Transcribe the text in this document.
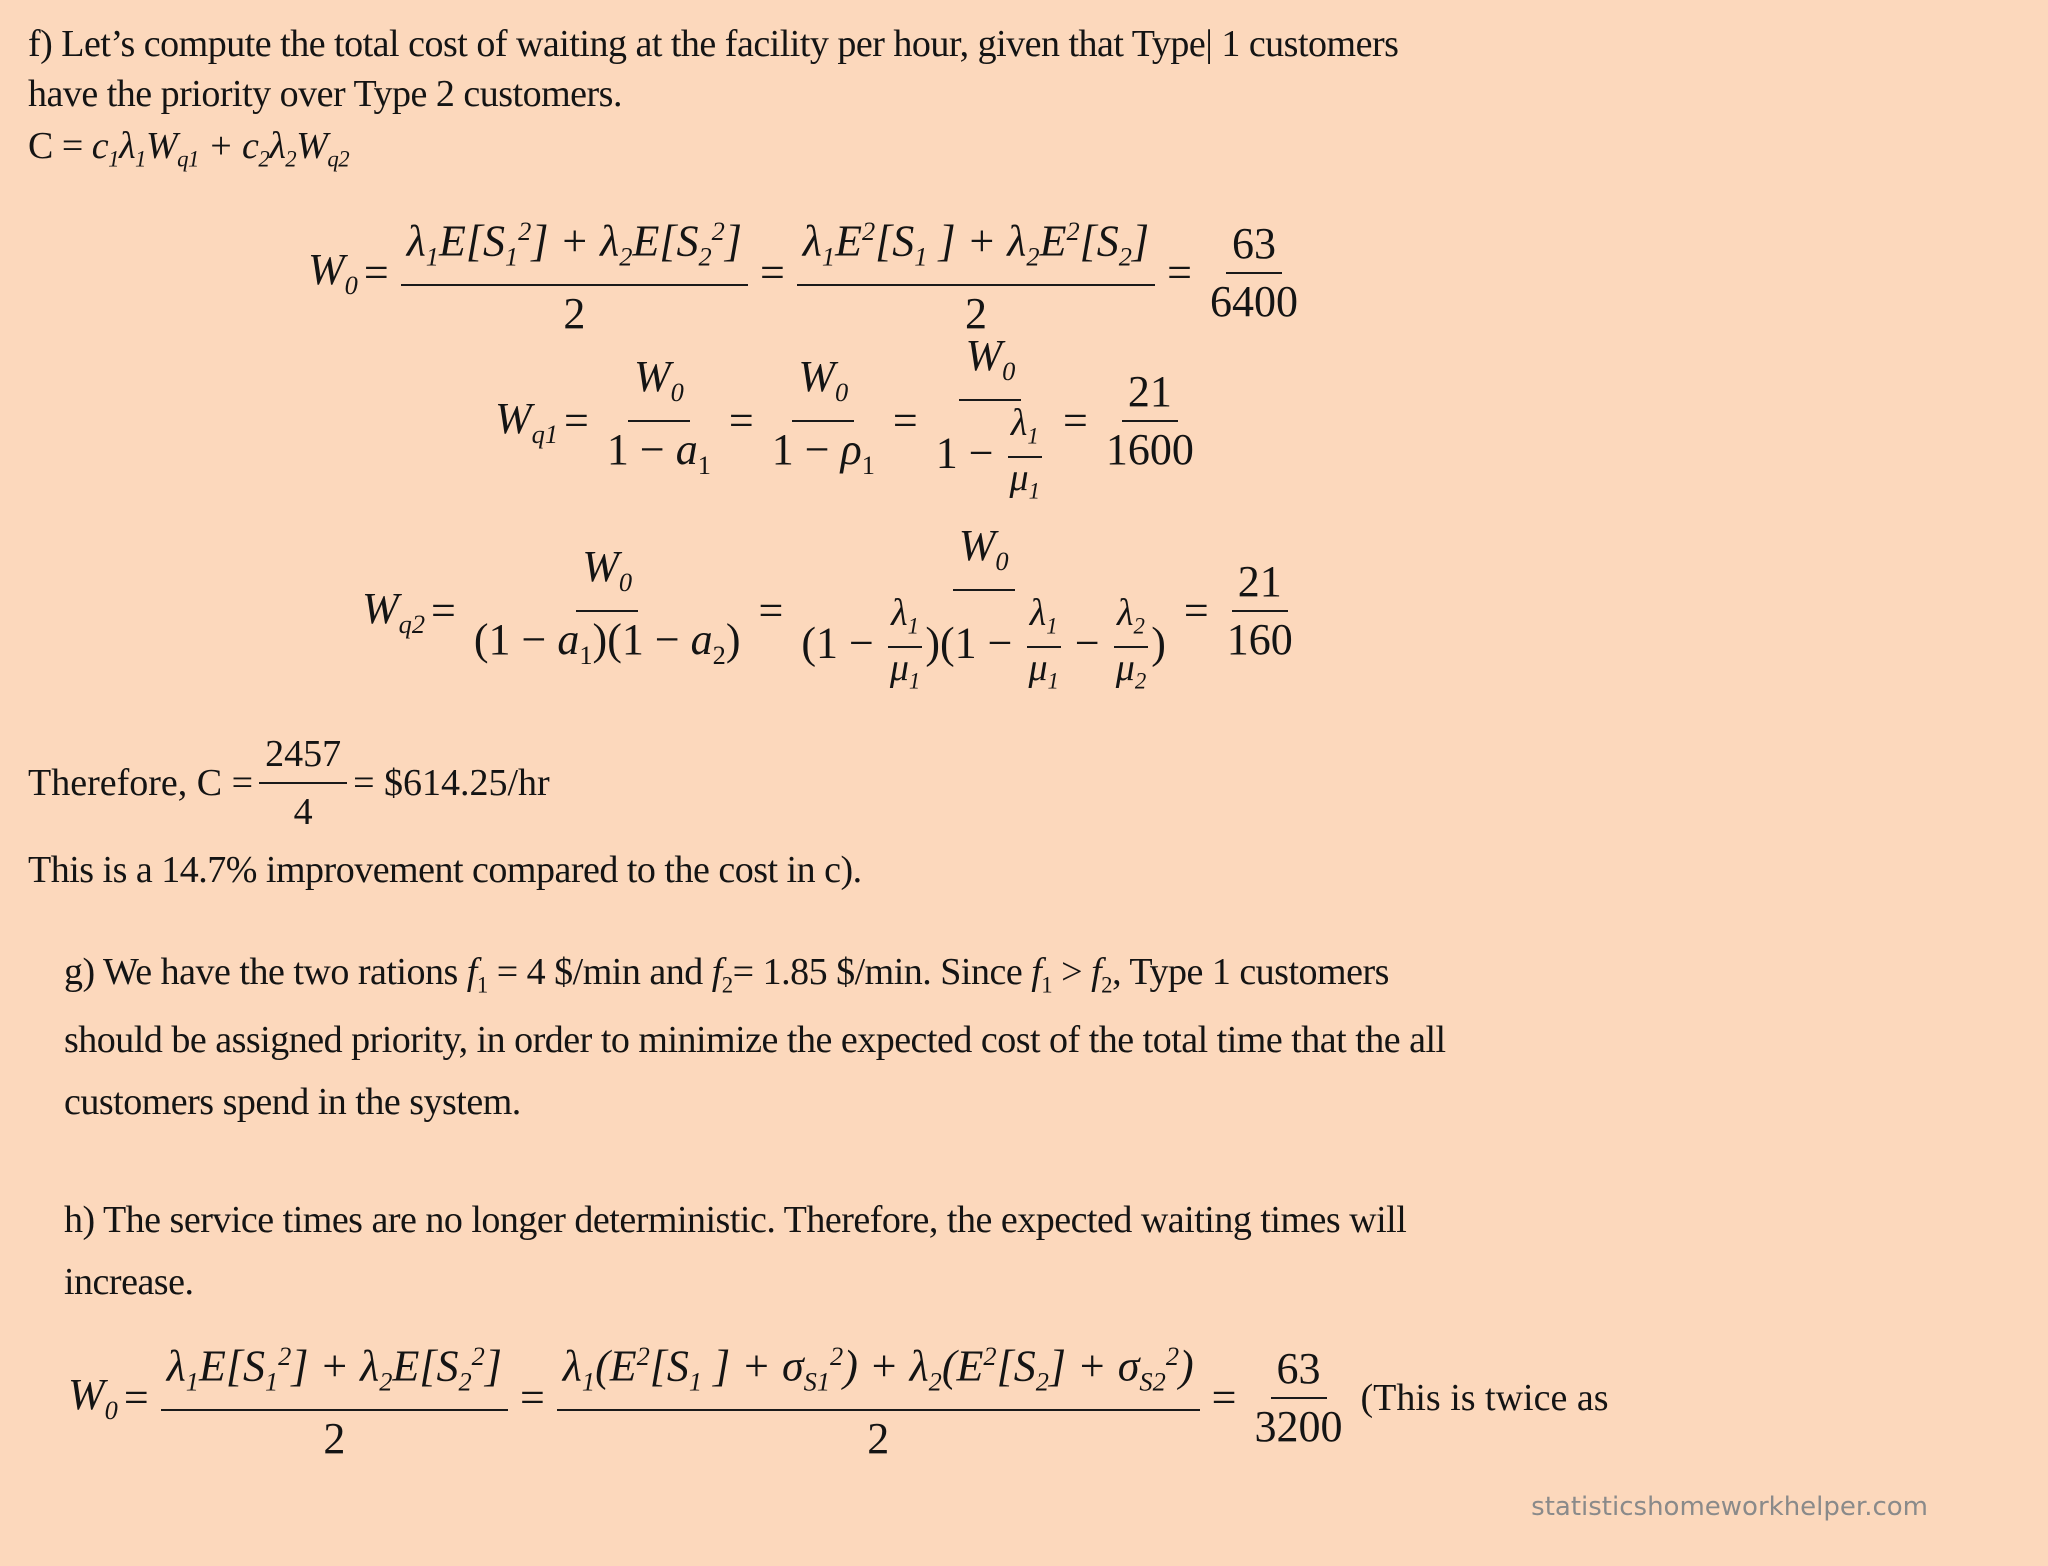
f) Let’s compute the total cost of waiting at the facility per hour, given that Type| 1 customers
have the priority over Type 2 customers.
$C = c_1\lambda_1W_{q1} + c_2\lambda_2W_{q2}$
$W_0 = \frac{\lambda_1E[S_1^2] + \lambda_2E[S_2^2]}{2} = \frac{\lambda_1E^2[S_1 ] + \lambda_2E^2[S_2]}{2} = \frac{63}{6400}$
$W_{q1} = \frac{W_0}{1 - a_1} = \frac{W_0}{1 - \rho_1} = \frac{W_0}{1 - \frac{\lambda_1}{\mu_1}} = \frac{21}{1600}$
$W_{q2} = \frac{W_0}{(1 - a_1)(1 - a_2)} = \frac{W_0}{(1 - \frac{\lambda_1}{\mu_1} )(1 - \frac{\lambda_1}{\mu_1} - \frac{\lambda_2}{\mu_2} )} = \frac{21}{160}$
Therefore, $C = \frac{2457}{4}$ = $614.25/hr
This is a 14.7% improvement compared to the cost in c).
g) We have the two rations $f_1 = 4$ $/min and $f_2= 1.85$ $/min. Since $f_1 > f_2$, Type 1 customers
should be assigned priority, in order to minimize the expected cost of the total time that the all
customers spend in the system.
h) The service times are no longer deterministic. Therefore, the expected waiting times will
increase.
$W_0 = \frac{\lambda_1E[S_1^2] + \lambda_2E[S_2^2]}{2} = \frac{\lambda_1(E^2[S_1 ] + \sigma_{S1}^2) + \lambda_2(E^2[S_2] + \sigma_{S2}^2)}{2} = \frac{63}{3200}$ (This is twice as
statisticshomeworkhelper.com
